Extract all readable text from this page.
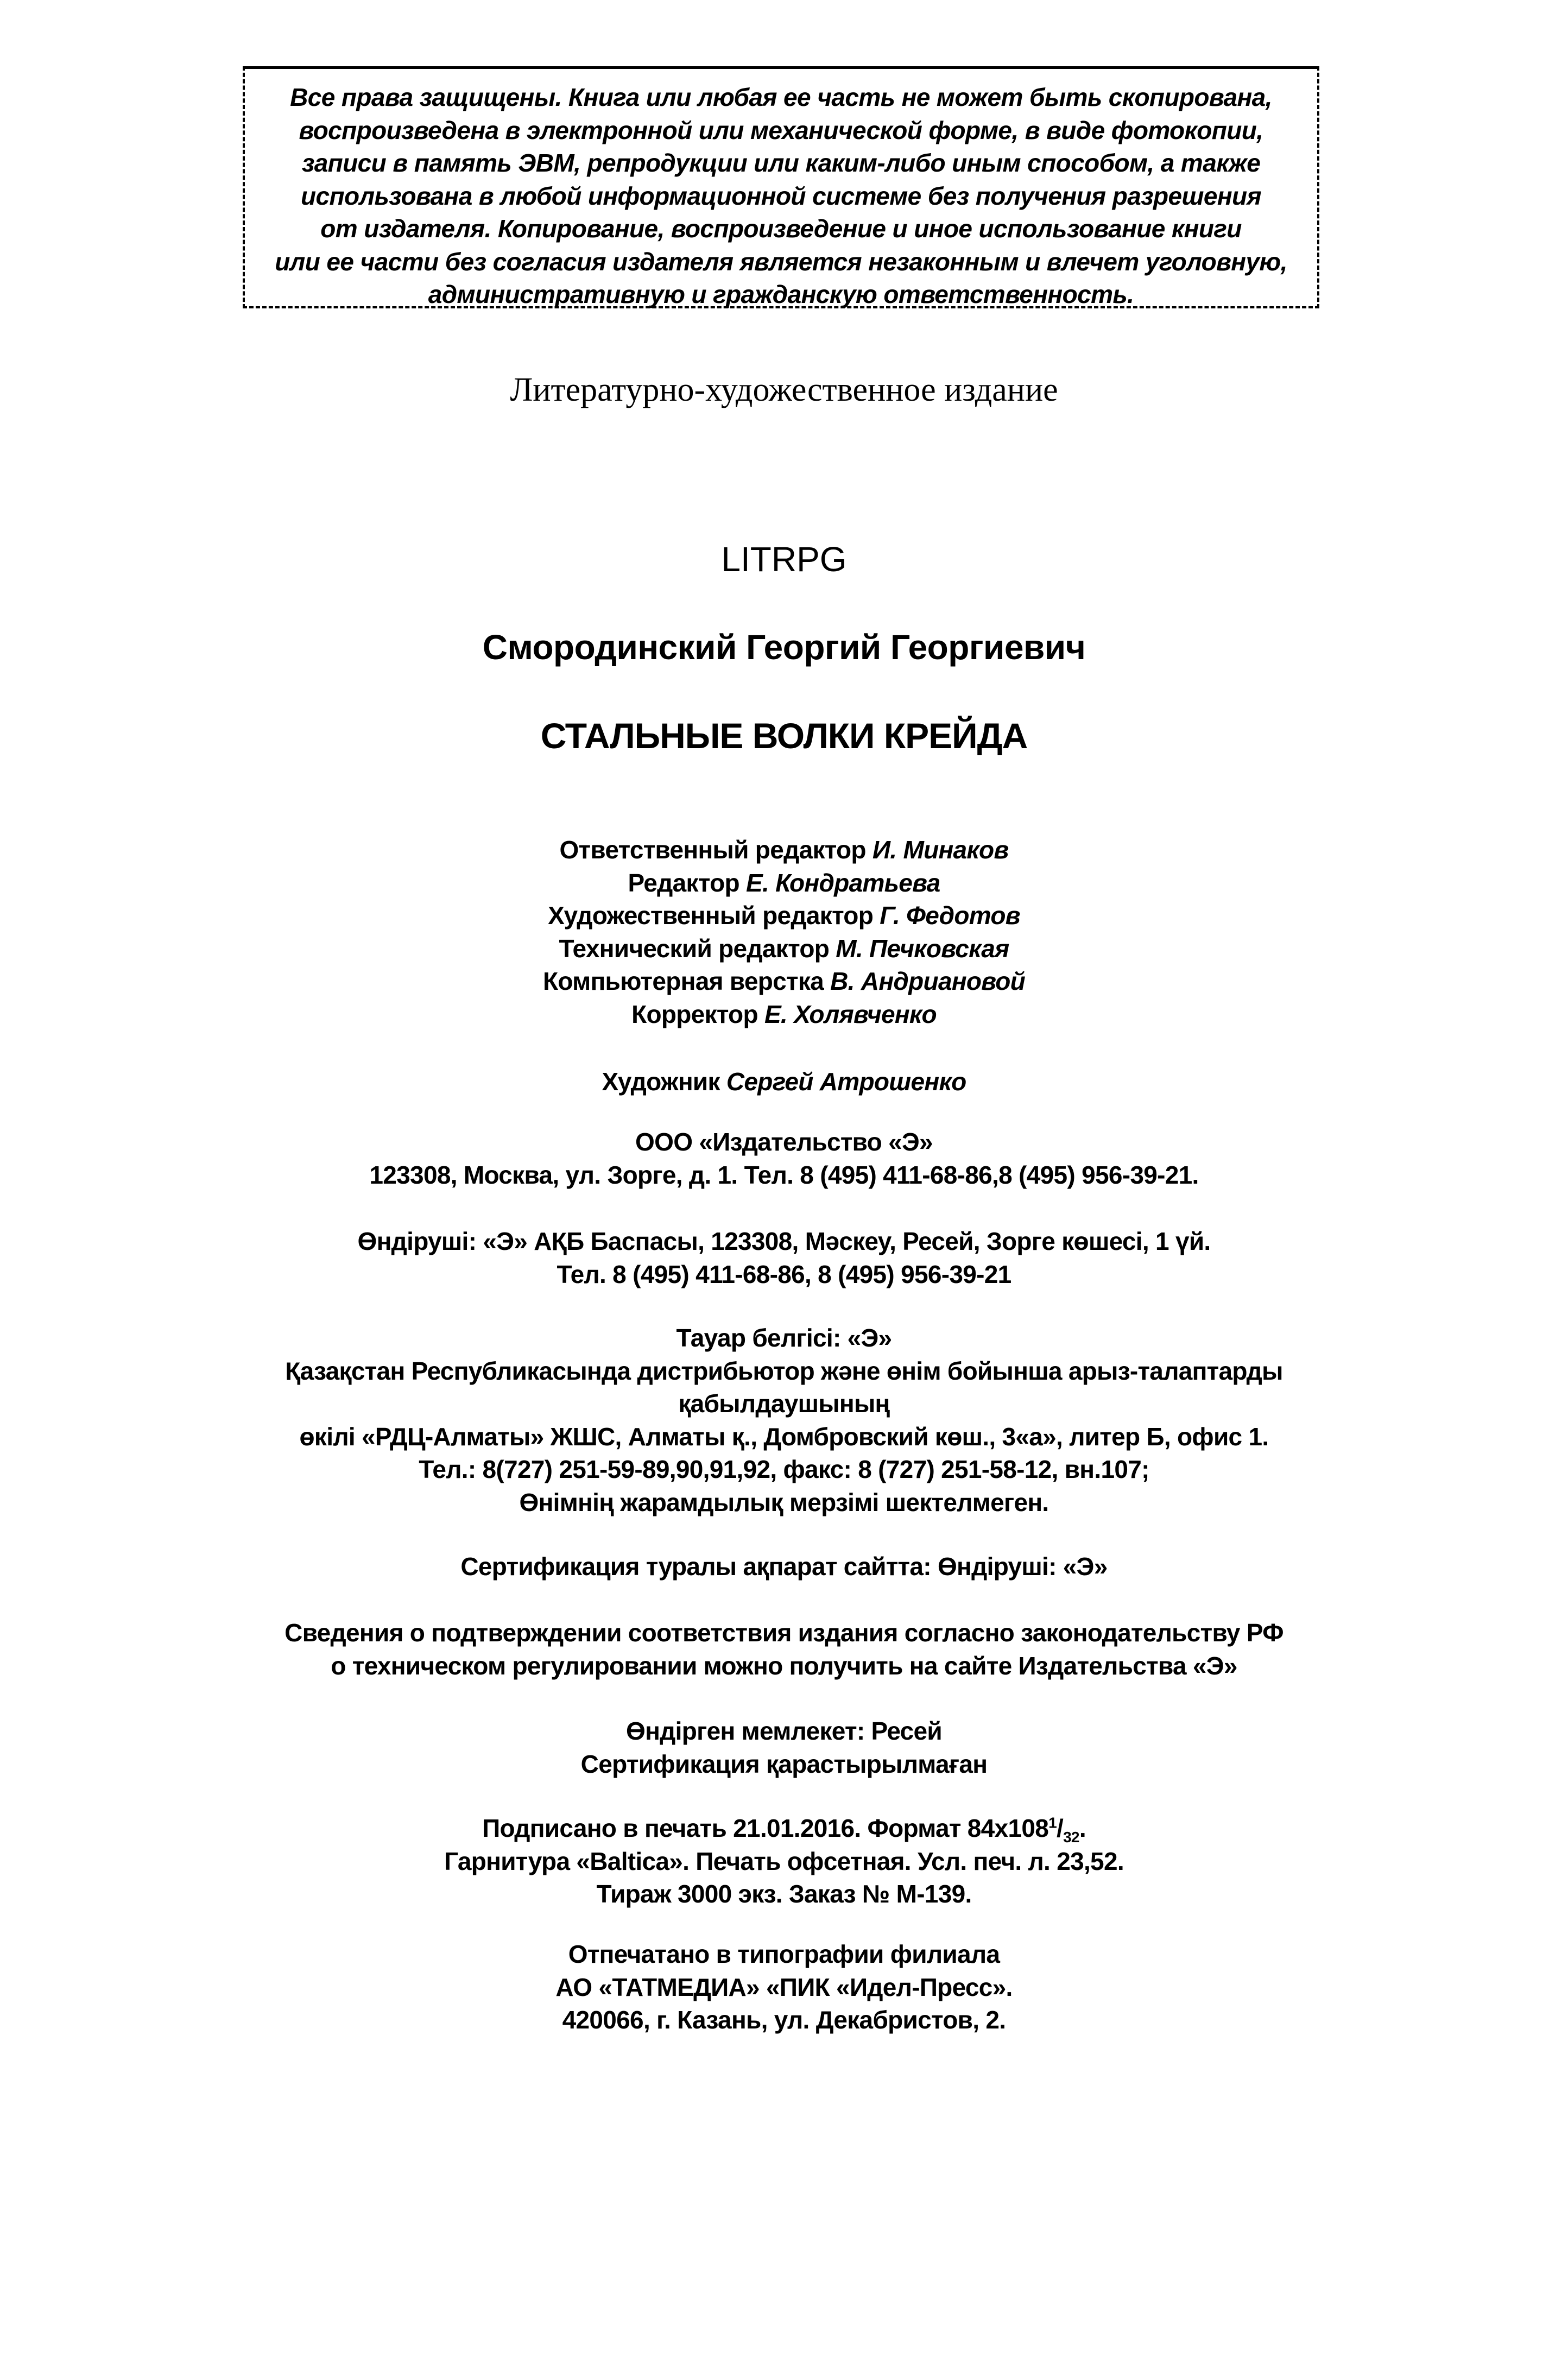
Все права защищены. Книга или любая ее часть не может быть скопирована,
воспроизведена в электронной или механической форме, в виде фотокопии,
записи в память ЭВМ, репродукции или каким-либо иным способом, а также
использована в любой информационной системе без получения разрешения
от издателя. Копирование, воспроизведение и иное использование книги
или ее части без согласия издателя является незаконным и влечет уголовную,
административную и гражданскую ответственность.
Литературно-художественное издание
LITRPG
Смородинский Георгий Георгиевич
СТАЛЬНЫЕ ВОЛКИ КРЕЙДА
Ответственный редактор И. Минаков
Редактор Е. Кондратьева
Художественный редактор Г. Федотов
Технический редактор М. Печковская
Компьютерная верстка В. Андриановой
Корректор Е. Холявченко
Художник Сергей Атрошенко
ООО «Издательство «Э»
123308, Москва, ул. Зорге, д. 1. Тел. 8 (495) 411-68-86,8 (495) 956-39-21.
Өндіруші: «Э» АҚБ Баспасы, 123308, Мәскеу, Ресей, Зорге көшесі, 1 үй.
Тел. 8 (495) 411-68-86, 8 (495) 956-39-21
Тауар белгісі: «Э»
Қазақстан Республикасында дистрибьютор және өнім бойынша арыз-талаптарды
қабылдаушының
өкілі «РДЦ-Алматы» ЖШС, Алматы қ., Домбровский көш., 3«а», литер Б, офис 1.
Тел.: 8(727) 251-59-89,90,91,92, факс: 8 (727) 251-58-12, вн.107;
Өнімнің жарамдылық мерзімі шектелмеген.
Сертификация туралы ақпарат сайтта: Өндіруші: «Э»
Сведения о подтверждении соответствия издания согласно законодательству РФ
о техническом регулировании можно получить на сайте Издательства «Э»
Өндірген мемлекет: Ресей
Сертификация қарастырылмаған
Подписано в печать 21.01.2016. Формат $84х108^1/_{32}$.
Гарнитура «Baltica». Печать офсетная. Усл. печ. л. 23,52.
Тираж 3000 экз. Заказ № М-139.
Отпечатано в типографии филиала
АО «ТАТМЕДИА» «ПИК «Идел-Пресс».
420066, г. Казань, ул. Декабристов, 2.
